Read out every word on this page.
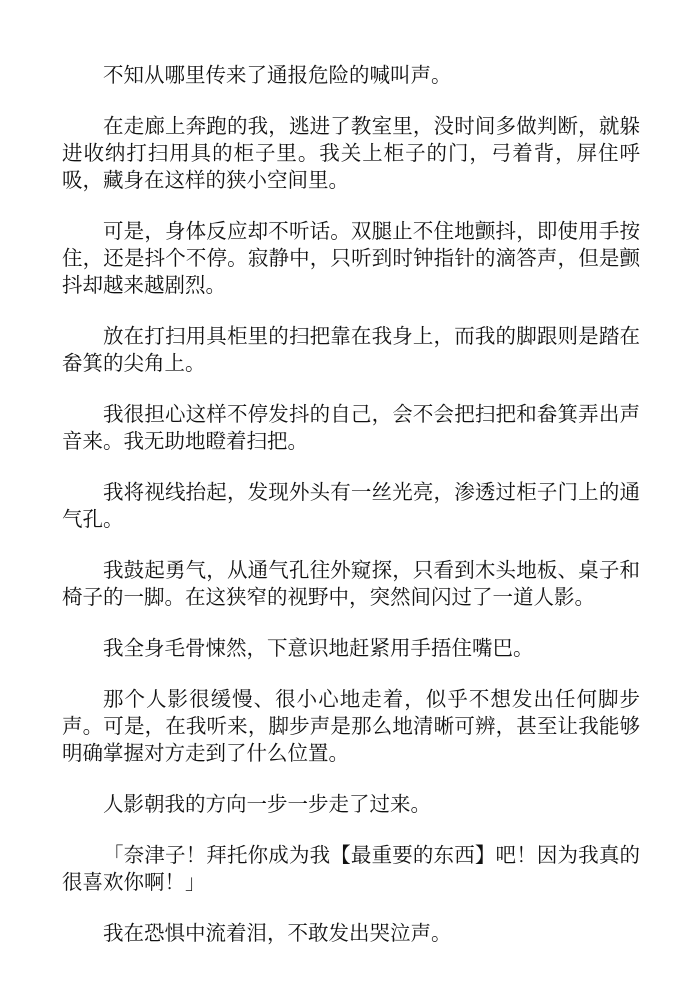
不知从哪里传来了通报危险的喊叫声。

在走廊上奔跑的我，逃进了教室里，没时间多做判断，就躲进收纳打扫用具的柜子里。我关上柜子的门，弓着背，屏住呼吸，藏身在这样的狭小空间里。

可是，身体反应却不听话。双腿止不住地颤抖，即使用手按住，还是抖个不停。寂静中，只听到时钟指针的滴答声，但是颤抖却越来越剧烈。

放在打扫用具柜里的扫把靠在我身上，而我的脚跟则是踏在畚箕的尖角上。

我很担心这样不停发抖的自己，会不会把扫把和畚箕弄出声音来。我无助地瞪着扫把。

我将视线抬起，发现外头有一丝光亮，渗透过柜子门上的通气孔。

我鼓起勇气，从通气孔往外窥探，只看到木头地板、桌子和椅子的一脚。在这狭窄的视野中，突然间闪过了一道人影。

我全身毛骨悚然，下意识地赶紧用手捂住嘴巴。

那个人影很缓慢、很小心地走着，似乎不想发出任何脚步声。可是，在我听来，脚步声是那么地清晰可辨，甚至让我能够明确掌握对方走到了什么位置。

人影朝我的方向一步一步走了过来。

「奈津子！拜托你成为我【最重要的东西】吧！因为我真的很喜欢你啊！」

我在恐惧中流着泪，不敢发出哭泣声。
